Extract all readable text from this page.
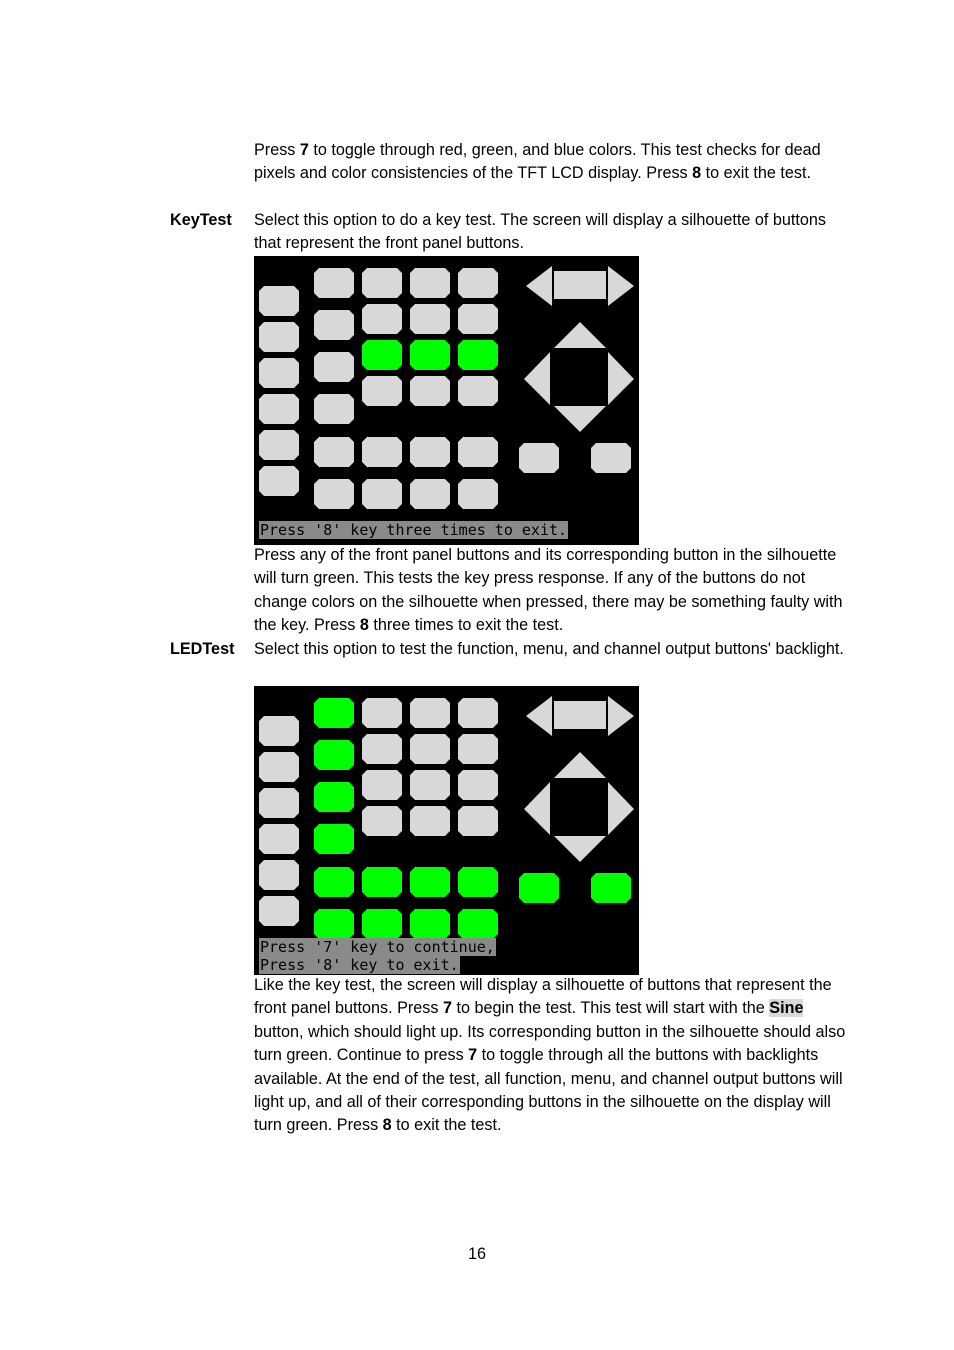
Press 7 to toggle through red, green, and blue colors. This test checks for dead pixels and color consistencies of the TFT LCD display. Press 8 to exit the test.

KeyTest Select this option to do a key test. The screen will display a silhouette of buttons that represent the front panel buttons.

Press '8' key three times to exit.

Press any of the front panel buttons and its corresponding button in the silhouette will turn green. This tests the key press response. If any of the buttons do not change colors on the silhouette when pressed, there may be something faulty with the key. Press 8 three times to exit the test.

LEDTest Select this option to test the function, menu, and channel output buttons' backlight.

Press '7' key to continue,
Press '8' key to exit.

Like the key test, the screen will display a silhouette of buttons that represent the front panel buttons. Press 7 to begin the test. This test will start with the Sine button, which should light up. Its corresponding button in the silhouette should also turn green. Continue to press 7 to toggle through all the buttons with backlights available. At the end of the test, all function, menu, and channel output buttons will light up, and all of their corresponding buttons in the silhouette on the display will turn green. Press 8 to exit the test.

16
